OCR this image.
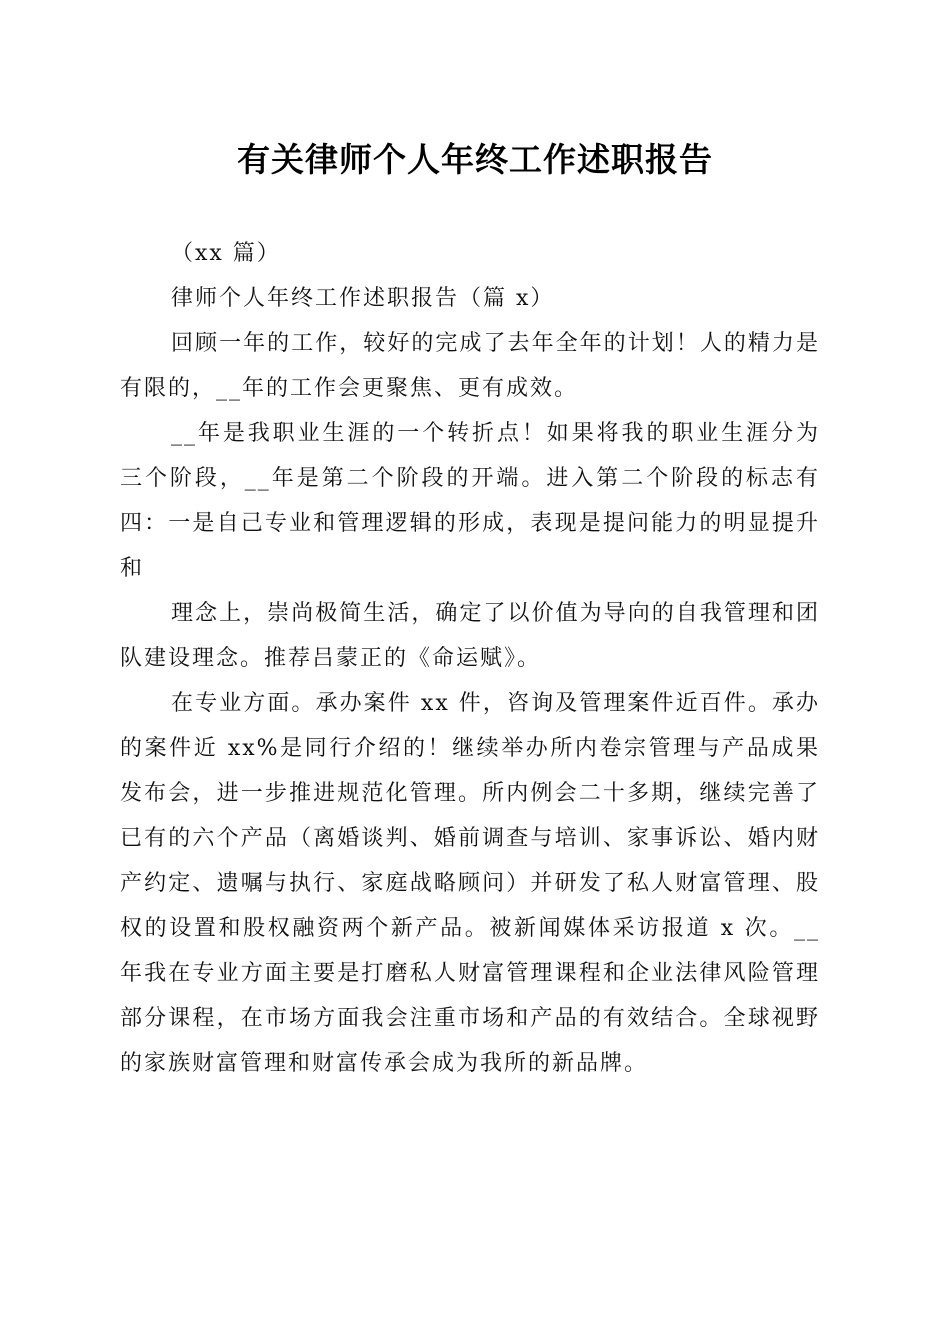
有关律师个人年终工作述职报告

（xx 篇）

律师个人年终工作述职报告（篇 x）

回顾一年的工作，较好的完成了去年全年的计划！人的精力是有限的，__年的工作会更聚焦、更有成效。

__年是我职业生涯的一个转折点！如果将我的职业生涯分为三个阶段，__年是第二个阶段的开端。进入第二个阶段的标志有四：一是自己专业和管理逻辑的形成，表现是提问能力的明显提升和

理念上，崇尚极简生活，确定了以价值为导向的自我管理和团队建设理念。推荐吕蒙正的《命运赋》。

在专业方面。承办案件 xx 件，咨询及管理案件近百件。承办的案件近 xx%是同行介绍的！继续举办所内卷宗管理与产品成果发布会，进一步推进规范化管理。所内例会二十多期，继续完善了已有的六个产品（离婚谈判、婚前调查与培训、家事诉讼、婚内财产约定、遗嘱与执行、家庭战略顾问）并研发了私人财富管理、股权的设置和股权融资两个新产品。被新闻媒体采访报道 x 次。__年我在专业方面主要是打磨私人财富管理课程和企业法律风险管理部分课程，在市场方面我会注重市场和产品的有效结合。全球视野的家族财富管理和财富传承会成为我所的新品牌。
